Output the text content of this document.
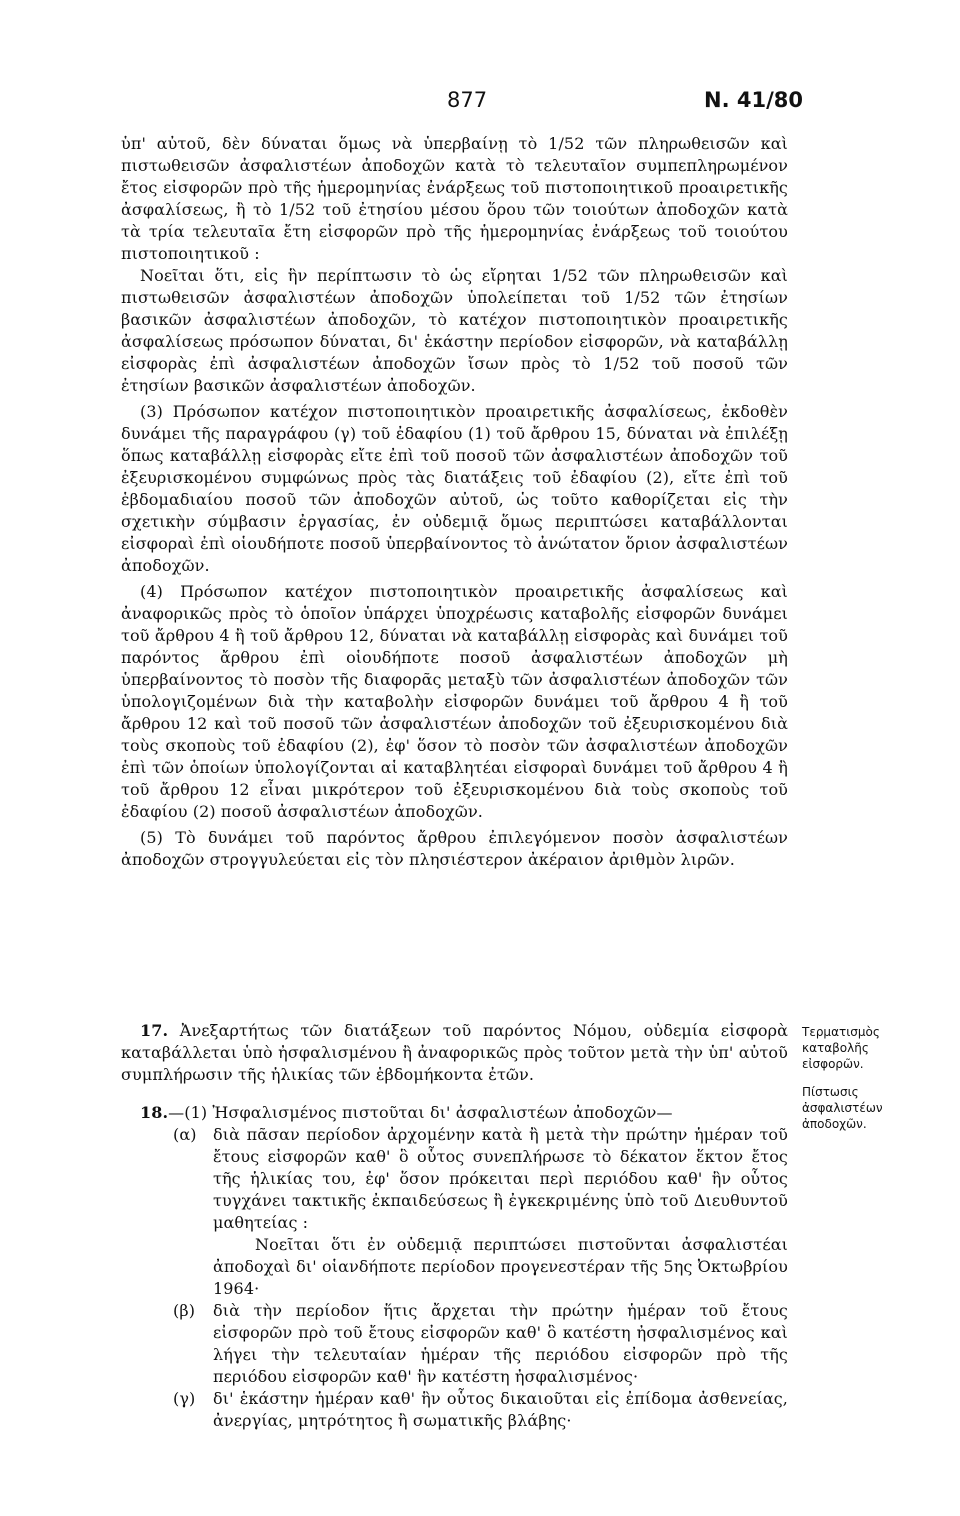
877	Ν. 41/80

ὑπ' αὐτοῦ, δὲν δύναται ὅμως νὰ ὑπερβαίνῃ τὸ 1/52 τῶν πληρωθεισῶν καὶ πιστωθεισῶν ἀσφαλιστέων ἀποδοχῶν κατὰ τὸ τελευταῖον συμπεπληρωμένον ἔτος εἰσφορῶν πρὸ τῆς ἡμερομηνίας ἐνάρξεως τοῦ πιστοποιητικοῦ προαιρετικῆς ἀσφαλίσεως, ἢ τὸ 1/52 τοῦ ἐτησίου μέσου ὅρου τῶν τοιούτων ἀποδοχῶν κατὰ τὰ τρία τελευταῖα ἔτη εἰσφορῶν πρὸ τῆς ἡμερομηνίας ἐνάρξεως τοῦ τοιούτου πιστοποιητικοῦ :

Νοεῖται ὅτι, εἰς ἣν περίπτωσιν τὸ ὡς εἴρηται 1/52 τῶν πληρωθεισῶν καὶ πιστωθεισῶν ἀσφαλιστέων ἀποδοχῶν ὑπολείπεται τοῦ 1/52 τῶν ἐτησίων βασικῶν ἀσφαλιστέων ἀποδοχῶν, τὸ κατέχον πιστοποιητικὸν προαιρετικῆς ἀσφαλίσεως πρόσωπον δύναται, δι' ἑκάστην περίοδον εἰσφορῶν, νὰ καταβάλλῃ εἰσφορὰς ἐπὶ ἀσφαλιστέων ἀποδοχῶν ἴσων πρὸς τὸ 1/52 τοῦ ποσοῦ τῶν ἐτησίων βασικῶν ἀσφαλιστέων ἀποδοχῶν.

(3) Πρόσωπον κατέχον πιστοποιητικὸν προαιρετικῆς ἀσφαλίσεως, ἐκδοθὲν δυνάμει τῆς παραγράφου (γ) τοῦ ἐδαφίου (1) τοῦ ἄρθρου 15, δύναται νὰ ἐπιλέξῃ ὅπως καταβάλλῃ εἰσφορὰς εἴτε ἐπὶ τοῦ ποσοῦ τῶν ἀσφαλιστέων ἀποδοχῶν τοῦ ἐξευρισκομένου συμφώνως πρὸς τὰς διατάξεις τοῦ ἐδαφίου (2), εἴτε ἐπὶ τοῦ ἑβδομαδιαίου ποσοῦ τῶν ἀποδοχῶν αὐτοῦ, ὡς τοῦτο καθορίζεται εἰς τὴν σχετικὴν σύμβασιν ἐργασίας, ἐν οὐδεμιᾷ ὅμως περιπτώσει καταβάλλονται εἰσφοραὶ ἐπὶ οἱουδήποτε ποσοῦ ὑπερβαίνοντος τὸ ἀνώτατον ὅριον ἀσφαλιστέων ἀποδοχῶν.

(4) Πρόσωπον κατέχον πιστοποιητικὸν προαιρετικῆς ἀσφαλίσεως καὶ ἀναφορικῶς πρὸς τὸ ὁποῖον ὑπάρχει ὑποχρέωσις καταβολῆς εἰσφορῶν δυνάμει τοῦ ἄρθρου 4 ἢ τοῦ ἄρθρου 12, δύναται νὰ καταβάλλῃ εἰσφορὰς καὶ δυνάμει τοῦ παρόντος ἄρθρου ἐπὶ οἱουδήποτε ποσοῦ ἀσφαλιστέων ἀποδοχῶν μὴ ὑπερβαίνοντος τὸ ποσὸν τῆς διαφορᾶς μεταξὺ τῶν ἀσφαλιστέων ἀποδοχῶν τῶν ὑπολογιζομένων διὰ τὴν καταβολὴν εἰσφορῶν δυνάμει τοῦ ἄρθρου 4 ἢ τοῦ ἄρθρου 12 καὶ τοῦ ποσοῦ τῶν ἀσφαλιστέων ἀποδοχῶν τοῦ ἐξευρισκομένου διὰ τοὺς σκοποὺς τοῦ ἐδαφίου (2), ἐφ' ὅσον τὸ ποσὸν τῶν ἀσφαλιστέων ἀποδοχῶν ἐπὶ τῶν ὁποίων ὑπολογίζονται αἱ καταβλητέαι εἰσφοραὶ δυνάμει τοῦ ἄρθρου 4 ἢ τοῦ ἄρθρου 12 εἶναι μικρότερον τοῦ ἐξευρισκομένου διὰ τοὺς σκοποὺς τοῦ ἐδαφίου (2) ποσοῦ ἀσφαλιστέων ἀποδοχῶν.

(5) Τὸ δυνάμει τοῦ παρόντος ἄρθρου ἐπιλεγόμενον ποσὸν ἀσφαλιστέων ἀποδοχῶν στρογγυλεύεται εἰς τὸν πλησιέστερον ἀκέραιον ἀριθμὸν λιρῶν.

17. Ἀνεξαρτήτως τῶν διατάξεων τοῦ παρόντος Νόμου, οὐδεμία εἰσφορὰ καταβάλλεται ὑπὸ ἠσφαλισμένου ἢ ἀναφορικῶς πρὸς τοῦτον μετὰ τὴν ὑπ' αὐτοῦ συμπλήρωσιν τῆς ἡλικίας τῶν ἑβδομήκοντα ἐτῶν.

Τερματισμὸς καταβολῆς εἰσφορῶν.

18.—(1) Ἠσφαλισμένος πιστοῦται δι' ἀσφαλιστέων ἀποδοχῶν—

(α) διὰ πᾶσαν περίοδον ἀρχομένην κατὰ ἢ μετὰ τὴν πρώτην ἡμέραν τοῦ ἔτους εἰσφορῶν καθ' ὃ οὗτος συνεπλήρωσε τὸ δέκατον ἕκτον ἔτος τῆς ἡλικίας του, ἐφ' ὅσον πρόκειται περὶ περιόδου καθ' ἣν οὗτος τυγχάνει τακτικῆς ἐκπαιδεύσεως ἢ ἐγκεκριμένης ὑπὸ τοῦ Διευθυντοῦ μαθητείας :

Νοεῖται ὅτι ἐν οὐδεμιᾷ περιπτώσει πιστοῦνται ἀσφαλιστέαι ἀποδοχαὶ δι' οἱανδήποτε περίοδον προγενεστέραν τῆς 5ης Ὀκτωβρίου 1964·

(β) διὰ τὴν περίοδον ἥτις ἄρχεται τὴν πρώτην ἡμέραν τοῦ ἔτους εἰσφορῶν πρὸ τοῦ ἔτους εἰσφορῶν καθ' ὃ κατέστη ἠσφαλισμένος καὶ λήγει τὴν τελευταίαν ἡμέραν τῆς περιόδου εἰσφορῶν πρὸ τῆς περιόδου εἰσφορῶν καθ' ἣν κατέστη ἠσφαλισμένος·

(γ) δι' ἑκάστην ἡμέραν καθ' ἣν οὗτος δικαιοῦται εἰς ἐπίδομα ἀσθενείας, ἀνεργίας, μητρότητος ἢ σωματικῆς βλάβης·

Πίστωσις ἀσφαλιστέων ἀποδοχῶν.
